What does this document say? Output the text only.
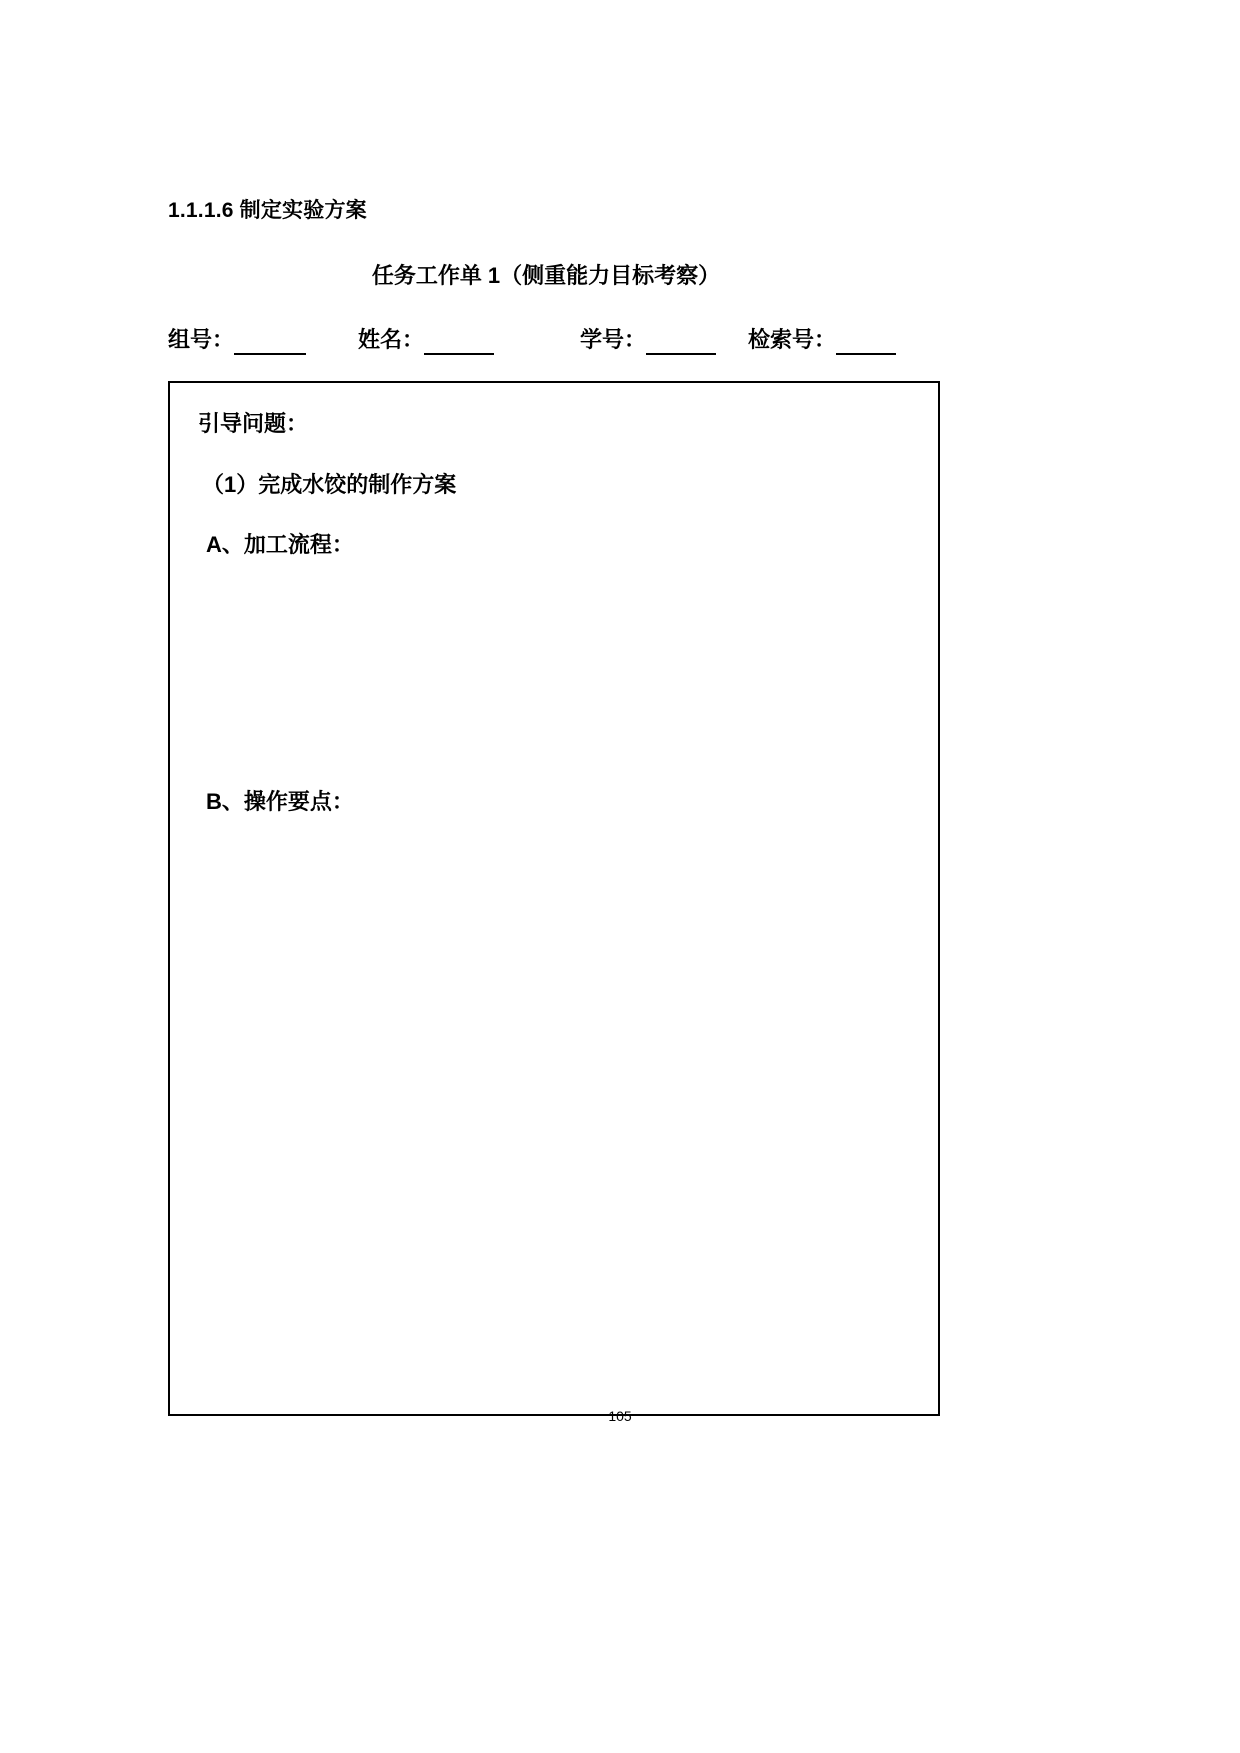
1.1.1.6 制定实验方案
任务工作单 1（侧重能力目标考察）
组号：	姓名：	学号：	检索号：
引导问题：
（1）完成水饺的制作方案
A、加工流程：
B、操作要点：
105
